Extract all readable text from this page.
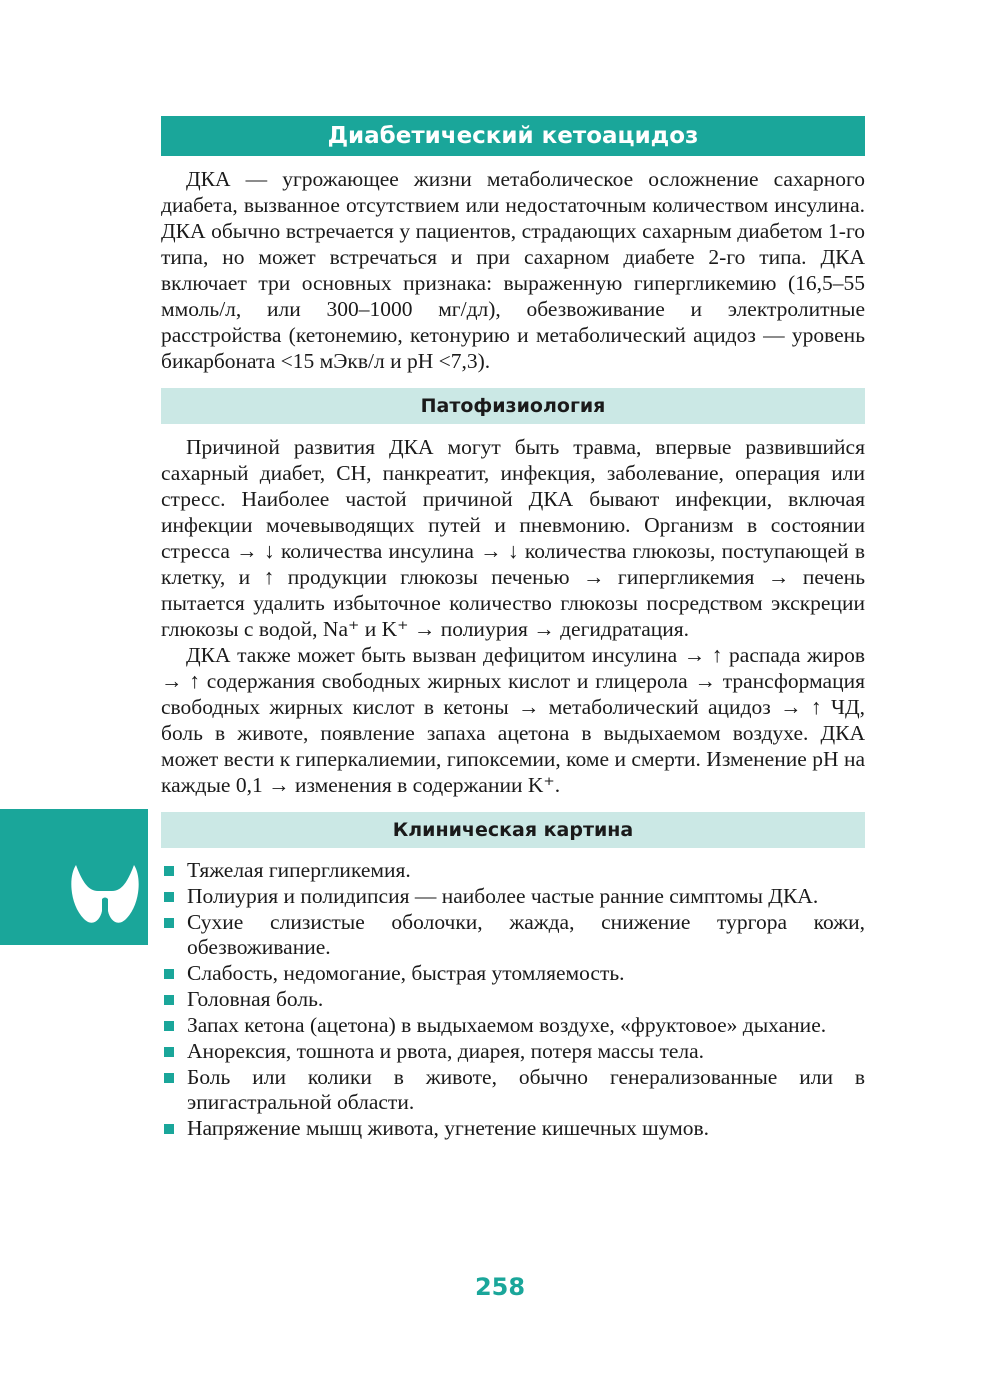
Диабетический кетоацидоз

ДКА — угрожающее жизни метаболическое осложнение сахарного диабета, вызванное отсутствием или недостаточным количеством инсулина. ДКА обычно встречается у пациентов, страдающих сахарным диабетом 1-го типа, но может встречаться и при сахарном диабете 2-го типа. ДКА включает три основных признака: выраженную гипергликемию (16,5–55 ммоль/л, или 300–1000 мг/дл), обезвоживание и электролитные расстройства (кетонемию, кетонурию и метаболический ацидоз — уровень бикарбоната <15 мЭкв/л и pH <7,3).

Патофизиология

Причиной развития ДКА могут быть травма, впервые развившийся сахарный диабет, СН, панкреатит, инфекция, заболевание, операция или стресс. Наиболее частой причиной ДКА бывают инфекции, включая инфекции мочевыводящих путей и пневмонию. Организм в состоянии стресса → ↓ количества инсулина → ↓ количества глюкозы, поступающей в клетку, и ↑ продукции глюкозы печенью → гипергликемия → печень пытается удалить избыточное количество глюкозы посредством экскреции глюкозы с водой, Na⁺ и K⁺ → полиурия → дегидратация.

ДКА также может быть вызван дефицитом инсулина → ↑ распада жиров → ↑ содержания свободных жирных кислот и глицерола → трансформация свободных жирных кислот в кетоны → метаболический ацидоз → ↑ ЧД, боль в животе, появление запаха ацетона в выдыхаемом воздухе. ДКА может вести к гиперкалиемии, гипоксемии, коме и смерти. Изменение pH на каждые 0,1 → изменения в содержании K⁺.

Клиническая картина
Тяжелая гипергликемия.
Полиурия и полидипсия — наиболее частые ранние симптомы ДКА.
Сухие слизистые оболочки, жажда, снижение тургора кожи, обезвоживание.
Слабость, недомогание, быстрая утомляемость.
Головная боль.
Запах кетона (ацетона) в выдыхаемом воздухе, «фруктовое» дыхание.
Анорексия, тошнота и рвота, диарея, потеря массы тела.
Боль или колики в животе, обычно генерализованные или в эпигастральной области.
Напряжение мышц живота, угнетение кишечных шумов.
258
